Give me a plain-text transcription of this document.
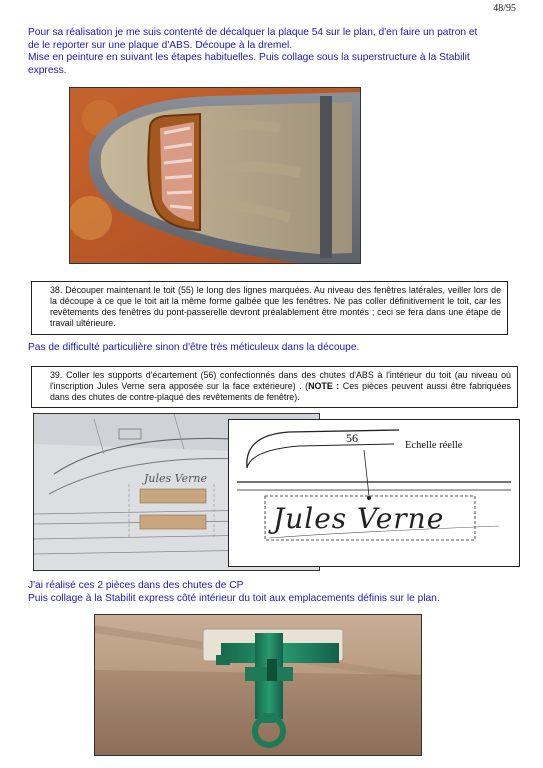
48/95
Pour sa réalisation je me suis contenté de décalquer la plaque 54 sur le plan, d'en faire un patron et
de le reporter sur une plaque d'ABS. Découpe à la dremel.
Mise en peinture en suivant les étapes habituelles. Puis collage sous la superstructure à la Stabilit
express.
38. Découper maintenant le toit (55) le long des lignes marquées. Au niveau des fenêtres latérales, veiller lors de la découpe à ce que le toit ait la même forme galbée que les fenêtres. Ne pas coller définitivement le toit, car les revêtements des fenêtres du pont-passerelle devront préalablement être montés ; ceci se fera dans une étape de travail ultérieure.
Pas de difficulté particulière sinon d'être très méticuleux dans la découpe.
39. Coller les supports d'écartement (56) confectionnés dans des chutes d'ABS à l'intérieur du toit (au niveau où l'inscription Jules Verne sera apposée sur la face extérieure) . (NOTE : Ces pièces peuvent aussi être fabriquées dans des chutes de contre-plaqué des revêtements de fenêtre).
Jules Verne
56
Echelle réelle
Jules Verne
J'ai réalisé ces 2 pièces dans des chutes de CP
Puis collage à la Stabilit express côté intérieur du toit aux emplacements définis sur le plan.
